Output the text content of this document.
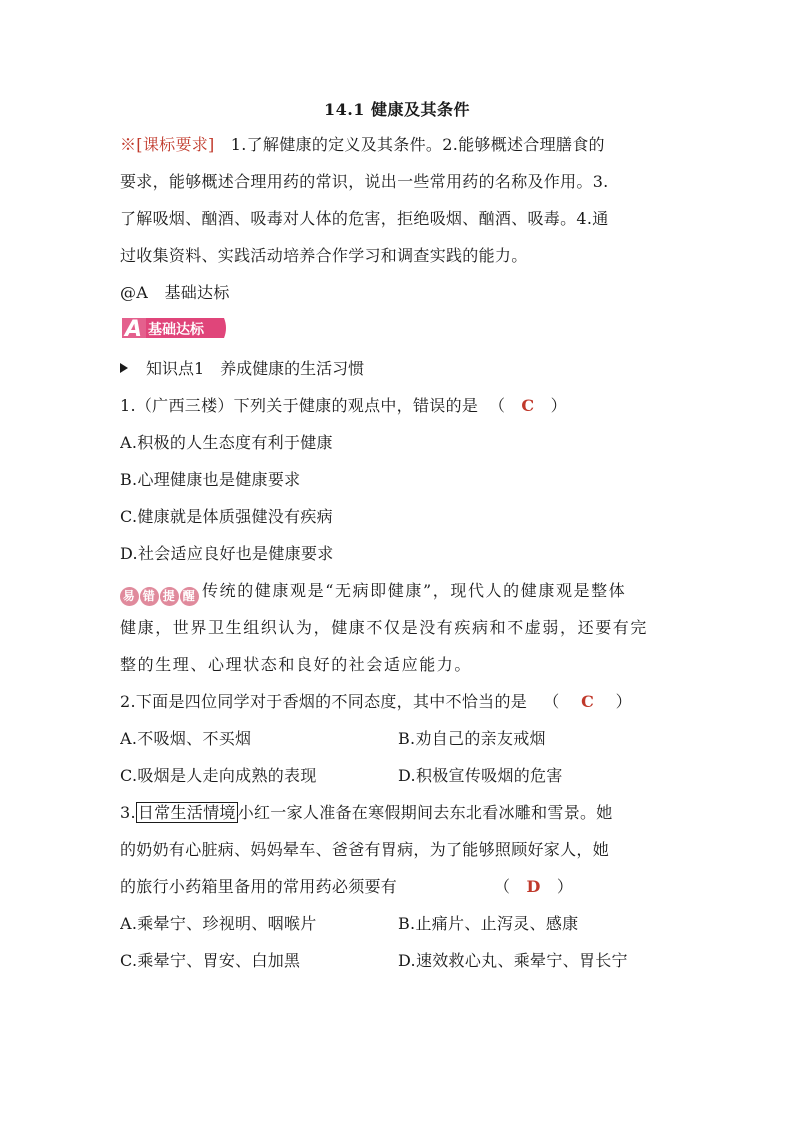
14.1 健康及其条件
※[课标要求] 1.了解健康的定义及其条件。2.能够概述合理膳食的
要求，能够概述合理用药的常识，说出一些常用药的名称及作用。3.
了解吸烟、酗酒、吸毒对人体的危害，拒绝吸烟、酗酒、吸毒。4.通
过收集资料、实践活动培养合作学习和调查实践的能力。
@A　基础达标
A 基础达标
知识点1　养成健康的生活习惯
1.（广西三楼）下列关于健康的观点中，错误的是  （   C   ）
A.积极的人生态度有利于健康
B.心理健康也是健康要求
C.健康就是体质强健没有疾病
D.社会适应良好也是健康要求
易 错 提 醒 传统的健康观是“无病即健康”，现代人的健康观是整体
健康，世界卫生组织认为，健康不仅是没有疾病和不虚弱，还要有完
整的生理、心理状态和良好的社会适应能力。
2.下面是四位同学对于香烟的不同态度，其中不恰当的是   （    C    ）
A.不吸烟、不买烟	B.劝自己的亲友戒烟
C.吸烟是人走向成熟的表现	D.积极宣传吸烟的危害
3. 日常生活情境 小红一家人准备在寒假期间去东北看冰雕和雪景。她
的奶奶有心脏病、妈妈晕车、爸爸有胃病，为了能够照顾好家人，她
的旅行小药箱里备用的常用药必须要有                  （   D   ）
A.乘晕宁、珍视明、咽喉片	B.止痛片、止泻灵、感康
C.乘晕宁、胃安、白加黑	D.速效救心丸、乘晕宁、胃长宁
